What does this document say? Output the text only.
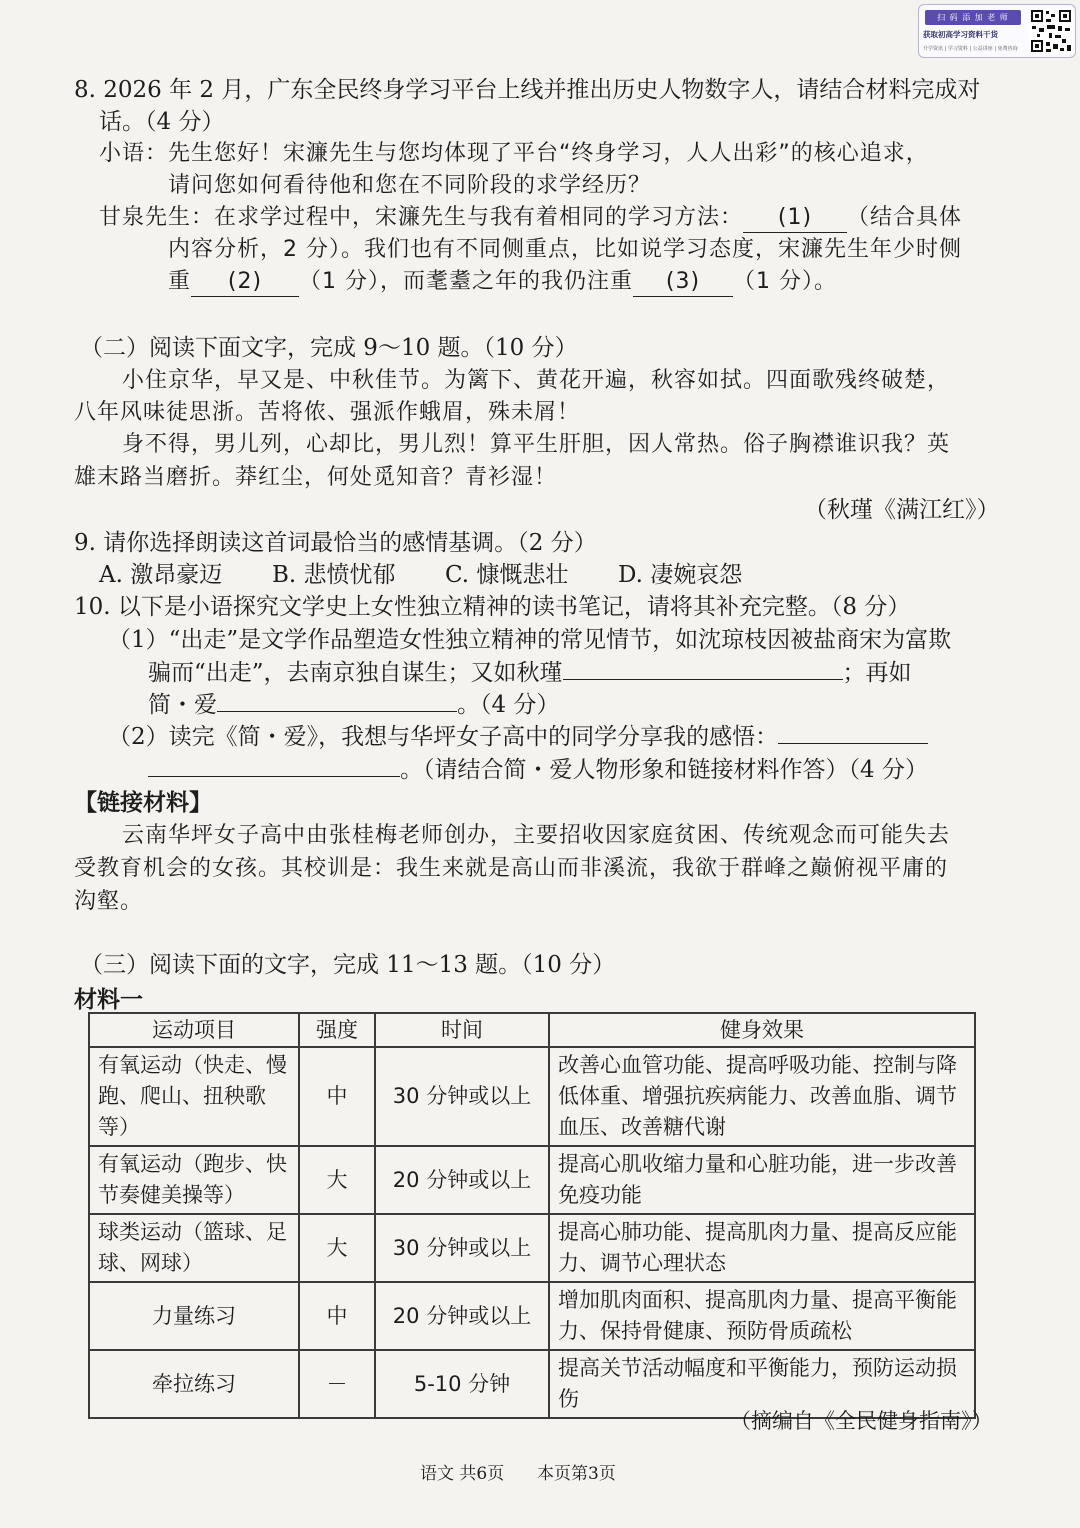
扫 码 添 加 老 师
获取初高学习资料干货
升学资讯 | 学习资料 | 公益讲座 | 免费咨询
8. 2026 年 2 月，广东全民终身学习平台上线并推出历史人物数字人，请结合材料完成对
话。（4 分）
小语：先生您好！宋濂先生与您均体现了平台“终身学习，人人出彩”的核心追求，
请问您如何看待他和您在不同阶段的求学经历？
甘泉先生：在求学过程中，宋濂先生与我有着相同的学习方法： (1) （结合具体
内容分析，2 分）。我们也有不同侧重点，比如说学习态度，宋濂先生年少时侧
重 (2) （1 分），而耄耋之年的我仍注重 (3) （1 分）。
（二）阅读下面文字，完成 9～10 题。（10 分）
小住京华，早又是、中秋佳节。为篱下、黄花开遍，秋容如拭。四面歌残终破楚，
八年风味徒思浙。苦将侬、强派作蛾眉，殊未屑！
身不得，男儿列，心却比，男儿烈！算平生肝胆，因人常热。俗子胸襟谁识我？英
雄末路当磨折。莽红尘，何处觅知音？青衫湿！
（秋瑾《满江红》）
9. 请你选择朗读这首词最恰当的感情基调。（2 分）
A. 激昂豪迈 B. 悲愤忧郁 C. 慷慨悲壮 D. 凄婉哀怨
10. 以下是小语探究文学史上女性独立精神的读书笔记，请将其补充完整。（8 分）
（1）“出走”是文学作品塑造女性独立精神的常见情节，如沈琼枝因被盐商宋为富欺
骗而“出走”，去南京独自谋生；又如秋瑾	；再如
简・爱	。（4 分）
（2）读完《简・爱》，我想与华坪女子高中的同学分享我的感悟：
。（请结合简・爱人物形象和链接材料作答）（4 分）
【链接材料】
云南华坪女子高中由张桂梅老师创办，主要招收因家庭贫困、传统观念而可能失去
受教育机会的女孩。其校训是：我生来就是高山而非溪流，我欲于群峰之巅俯视平庸的
沟壑。
（三）阅读下面的文字，完成 11～13 题。（10 分）
材料一
运动项目	强度	时间	健身效果
有氧运动（快走、慢跑、爬山、扭秧歌等）	中	30 分钟或以上	改善心血管功能、提高呼吸功能、控制与降低体重、增强抗疾病能力、改善血脂、调节血压、改善糖代谢
有氧运动（跑步、快节奏健美操等）	大	20 分钟或以上	提高心肌收缩力量和心脏功能，进一步改善免疫功能
球类运动（篮球、足球、网球）	大	30 分钟或以上	提高心肺功能、提高肌肉力量、提高反应能力、调节心理状态
力量练习	中	20 分钟或以上	增加肌肉面积、提高肌肉力量、提高平衡能力、保持骨健康、预防骨质疏松
牵拉练习	－	5-10 分钟	提高关节活动幅度和平衡能力，预防运动损伤
（摘编自《全民健身指南》）
语文 共6页 本页第3页
